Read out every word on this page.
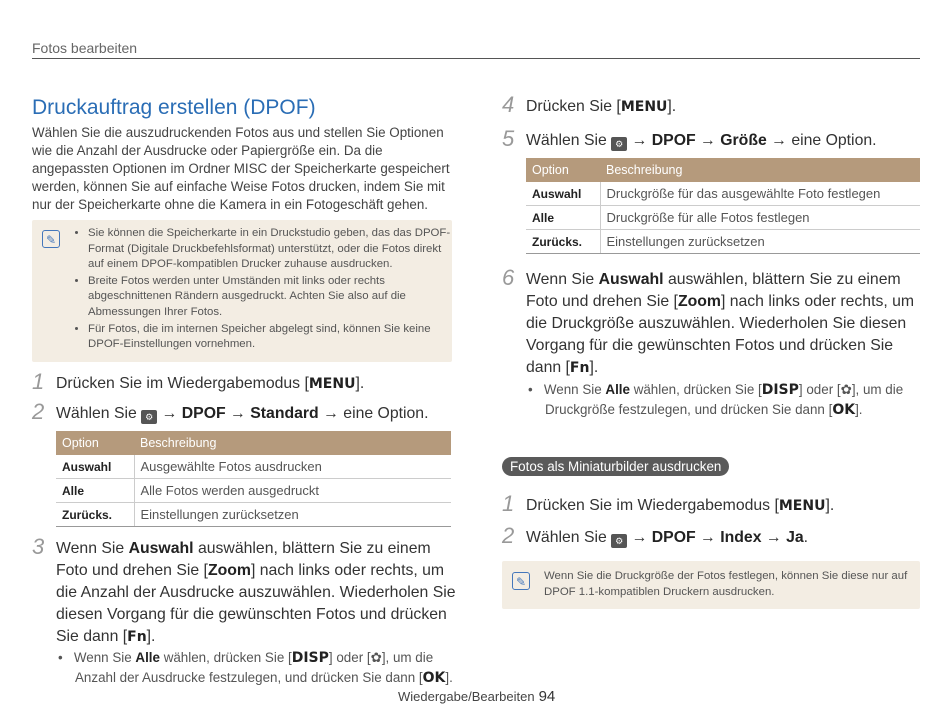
Fotos bearbeiten
Druckauftrag erstellen (DPOF)
Wählen Sie die auszudruckenden Fotos aus und stellen Sie Optionen wie die Anzahl der Ausdrucke oder Papiergröße ein. Da die angepassten Optionen im Ordner MISC der Speicherkarte gespeichert werden, können Sie auf einfache Weise Fotos drucken, indem Sie mit nur der Speicherkarte ohne die Kamera in ein Fotogeschäft gehen.
✎	• Sie können die Speicherkarte in ein Druckstudio geben, das das DPOF-Format (Digitale Druckbefehlsformat) unterstützt, oder die Fotos direkt auf einem DPOF-kompatiblen Drucker zuhause ausdrucken.
• Breite Fotos werden unter Umständen mit links oder rechts abgeschnittenen Rändern ausgedruckt. Achten Sie also auf die Abmessungen Ihrer Fotos.
• Für Fotos, die im internen Speicher abgelegt sind, können Sie keine DPOF-Einstellungen vornehmen.
1 Drücken Sie im Wiedergabemodus [MENU].
2 Wählen Sie ⚙ → DPOF → Standard → eine Option.
Option	Beschreibung
Auswahl	Ausgewählte Fotos ausdrucken
Alle	Alle Fotos werden ausgedruckt
Zurücks.	Einstellungen zurücksetzen
3 Wenn Sie Auswahl auswählen, blättern Sie zu einem
Foto und drehen Sie [Zoom] nach links oder rechts, um
die Anzahl der Ausdrucke auszuwählen. Wiederholen Sie
diesen Vorgang für die gewünschten Fotos und drücken
Sie dann [Fn].
•   Wenn Sie Alle wählen, drücken Sie [DISP] oder [✿], um die
Anzahl der Ausdrucke festzulegen, und drücken Sie dann [OK].
4 Drücken Sie [MENU].
5 Wählen Sie ⚙ → DPOF → Größe → eine Option.
Option	Beschreibung
Auswahl	Druckgröße für das ausgewählte Foto festlegen
Alle	Druckgröße für alle Fotos festlegen
Zurücks.	Einstellungen zurücksetzen
6 Wenn Sie Auswahl auswählen, blättern Sie zu einem
Foto und drehen Sie [Zoom] nach links oder rechts, um
die Druckgröße auszuwählen. Wiederholen Sie diesen
Vorgang für die gewünschten Fotos und drücken Sie
dann [Fn].
•   Wenn Sie Alle wählen, drücken Sie [DISP] oder [✿], um die
Druckgröße festzulegen, und drücken Sie dann [OK].
Fotos als Miniaturbilder ausdrucken
1 Drücken Sie im Wiedergabemodus [MENU].
2 Wählen Sie ⚙ → DPOF → Index → Ja.
✎	Wenn Sie die Druckgröße der Fotos festlegen, können Sie diese nur auf

DPOF 1.1-kompatiblen Druckern ausdrucken.

Wiedergabe/Bearbeiten 94
